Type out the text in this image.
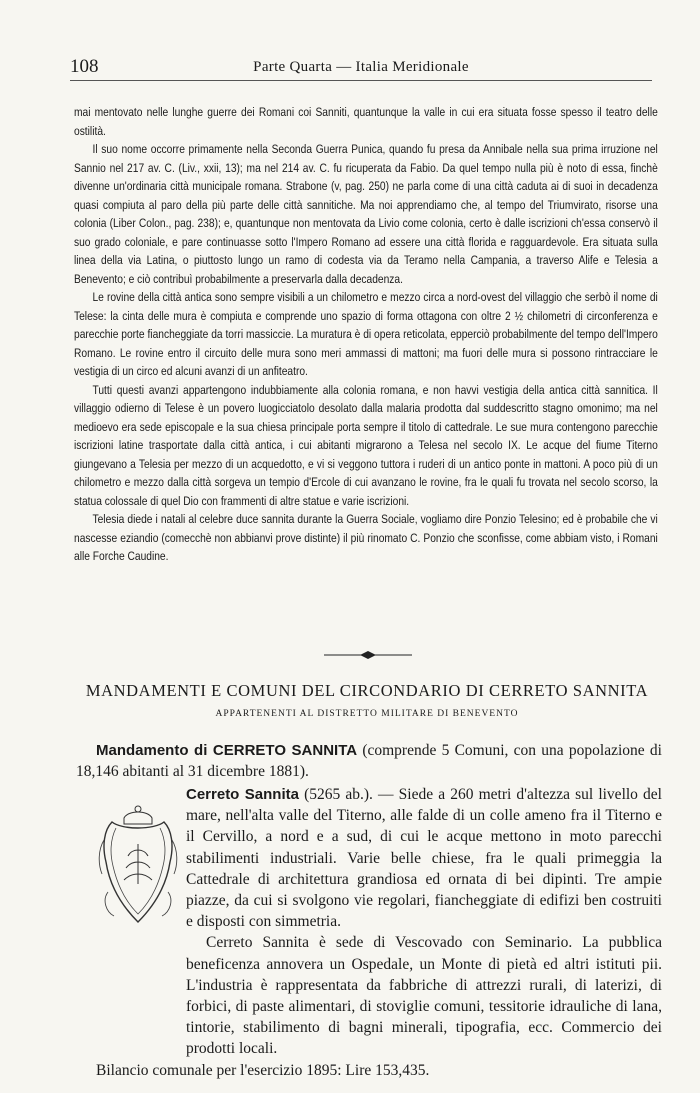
108	Parte Quarta — Italia Meridionale

mai mentovato nelle lunghe guerre dei Romani coi Sanniti, quantunque la valle in cui era situata fosse spesso il teatro delle ostilità.

Il suo nome occorre primamente nella Seconda Guerra Punica, quando fu presa da Annibale nella sua prima irruzione nel Sannio nel 217 av. C. (Liv., xxii, 13); ma nel 214 av. C. fu ricuperata da Fabio. Da quel tempo nulla più è noto di essa, finchè divenne un'ordinaria città municipale romana. Strabone (v, pag. 250) ne parla come di una città caduta ai di suoi in decadenza quasi compiuta al paro della più parte delle città sannitiche. Ma noi apprendiamo che, al tempo del Triumvirato, risorse una colonia (Liber Colon., pag. 238); e, quantunque non mentovata da Livio come colonia, certo è dalle iscrizioni ch'essa conservò il suo grado coloniale, e pare continuasse sotto l'Impero Romano ad essere una città florida e ragguardevole. Era situata sulla linea della via Latina, o piuttosto lungo un ramo di codesta via da Teramo nella Campania, a traverso Alife e Telesia a Benevento; e ciò contribuì probabilmente a preservarla dalla decadenza.

Le rovine della città antica sono sempre visibili a un chilometro e mezzo circa a nord-ovest del villaggio che serbò il nome di Telese: la cinta delle mura è compiuta e comprende uno spazio di forma ottagona con oltre 2 ½ chilometri di circonferenza e parecchie porte fiancheggiate da torri massiccie. La muratura è di opera reticolata, epperciò probabilmente del tempo dell'Impero Romano. Le rovine entro il circuito delle mura sono meri ammassi di mattoni; ma fuori delle mura si possono rintracciare le vestigia di un circo ed alcuni avanzi di un anfiteatro.

Tutti questi avanzi appartengono indubbiamente alla colonia romana, e non havvi vestigia della antica città sannitica. Il villaggio odierno di Telese è un povero luogicciatolo desolato dalla malaria prodotta dal suddescritto stagno omonimo; ma nel medioevo era sede episcopale e la sua chiesa principale porta sempre il titolo di cattedrale. Le sue mura contengono parecchie iscrizioni latine trasportate dalla città antica, i cui abitanti migrarono a Telesa nel secolo IX. Le acque del fiume Titerno giungevano a Telesia per mezzo di un acquedotto, e vi si veggono tuttora i ruderi di un antico ponte in mattoni. A poco più di un chilometro e mezzo dalla città sorgeva un tempio d'Ercole di cui avanzano le rovine, fra le quali fu trovata nel secolo scorso, la statua colossale di quel Dio con frammenti di altre statue e varie iscrizioni.

Telesia diede i natali al celebre duce sannita durante la Guerra Sociale, vogliamo dire Ponzio Telesino; ed è probabile che vi nascesse eziandio (comecchè non abbianvi prove distinte) il più rinomato C. Ponzio che sconfisse, come abbiam visto, i Romani alle Forche Caudine.

MANDAMENTI E COMUNI DEL CIRCONDARIO DI CERRETO SANNITA
APPARTENENTI AL DISTRETTO MILITARE DI BENEVENTO

Mandamento di CERRETO SANNITA (comprende 5 Comuni, con una popolazione di 18,146 abitanti al 31 dicembre 1881).

Cerreto Sannita (5265 ab.). — Siede a 260 metri d'altezza sul livello del mare, nell'alta valle del Titerno, alle falde di un colle ameno fra il Titerno e il Cervillo, a nord e a sud, di cui le acque mettono in moto parecchi stabilimenti industriali. Varie belle chiese, fra le quali primeggia la Cattedrale di architettura grandiosa ed ornata di bei dipinti. Tre ampie piazze, da cui si svolgono vie regolari, fiancheggiate di edifizi ben costruiti e disposti con simmetria.

Cerreto Sannita è sede di Vescovado con Seminario. La pubblica beneficenza annovera un Ospedale, un Monte di pietà ed altri istituti pii. L'industria è rappresentata da fabbriche di attrezzi rurali, di laterizi, di forbici, di paste alimentari, di stoviglie comuni, tessitorie idrauliche di lana, tintorie, stabilimento di bagni minerali, tipografia, ecc. Commercio dei prodotti locali.

Bilancio comunale per l'esercizio 1895: Lire 153,435.
